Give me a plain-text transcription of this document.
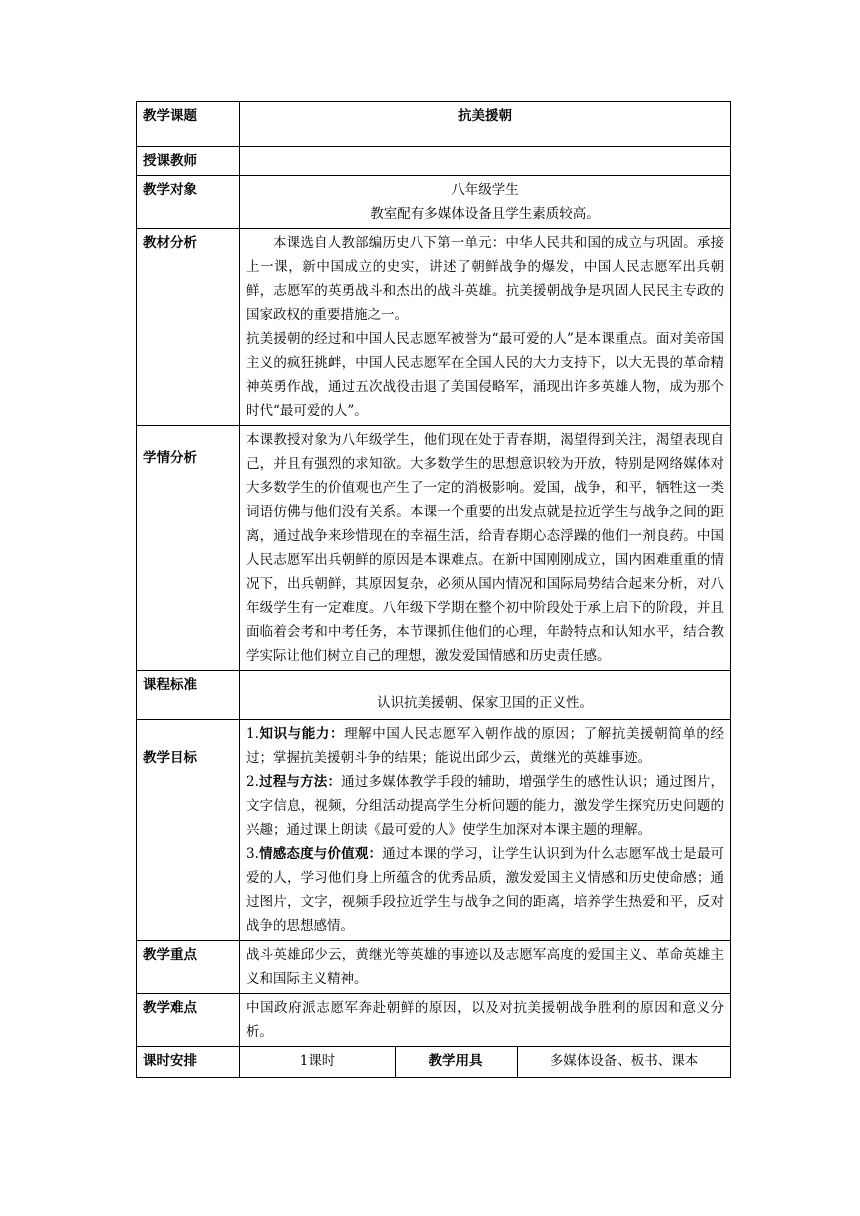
教学课题	抗美援朝		
授课教师			
教学对象	八年级学生

教室配有多媒体设备且学生素质较高。		

教材分析	本课选自人教部编历史八下第一单元：中华人民共和国的成立与巩固。承接上一课，新中国成立的史实，讲述了朝鲜战争的爆发，中国人民志愿军出兵朝鲜，志愿军的英勇战斗和杰出的战斗英雄。抗美援朝战争是巩固人民民主专政的国家政权的重要措施之一。

抗美援朝的经过和中国人民志愿军被誉为“最可爱的人”是本课重点。面对美帝国主义的疯狂挑衅，中国人民志愿军在全国人民的大力支持下，以大无畏的革命精神英勇作战，通过五次战役击退了美国侵略军，涌现出许多英雄人物，成为那个时代“最可爱的人”。		

学情分析	本课教授对象为八年级学生，他们现在处于青春期，渴望得到关注，渴望表现自己，并且有强烈的求知欲。大多数学生的思想意识较为开放，特别是网络媒体对大多数学生的价值观也产生了一定的消极影响。爱国，战争，和平，牺牲这一类词语仿佛与他们没有关系。本课一个重要的出发点就是拉近学生与战争之间的距离，通过战争来珍惜现在的幸福生活，给青春期心态浮躁的他们一剂良药。中国人民志愿军出兵朝鲜的原因是本课难点。在新中国刚刚成立，国内困难重重的情况下，出兵朝鲜，其原因复杂，必须从国内情况和国际局势结合起来分析，对八年级学生有一定难度。八年级下学期在整个初中阶段处于承上启下的阶段，并且面临着会考和中考任务，本节课抓住他们的心理，年龄特点和认知水平，结合教学实际让他们树立自己的理想，激发爱国情感和历史责任感。		
课程标准	认识抗美援朝、保家卫国的正义性。		
教学目标	1.知识与能力：理解中国人民志愿军入朝作战的原因；了解抗美援朝简单的经过；掌握抗美援朝斗争的结果；能说出邱少云，黄继光的英雄事迹。

2.过程与方法：通过多媒体教学手段的辅助，增强学生的感性认识；通过图片，文字信息，视频，分组活动提高学生分析问题的能力，激发学生探究历史问题的兴趣；通过课上朗读《最可爱的人》使学生加深对本课主题的理解。

3.情感态度与价值观：通过本课的学习，让学生认识到为什么志愿军战士是最可爱的人，学习他们身上所蕴含的优秀品质，激发爱国主义情感和历史使命感；通过图片，文字，视频手段拉近学生与战争之间的距离，培养学生热爱和平，反对战争的思想感情。		

教学重点	战斗英雄邱少云，黄继光等英雄的事迹以及志愿军高度的爱国主义、革命英雄主义和国际主义精神。		
教学难点	中国政府派志愿军奔赴朝鲜的原因，以及对抗美援朝战争胜利的原因和意义分析。		
课时安排	1课时	教学用具	多媒体设备、板书、课本
